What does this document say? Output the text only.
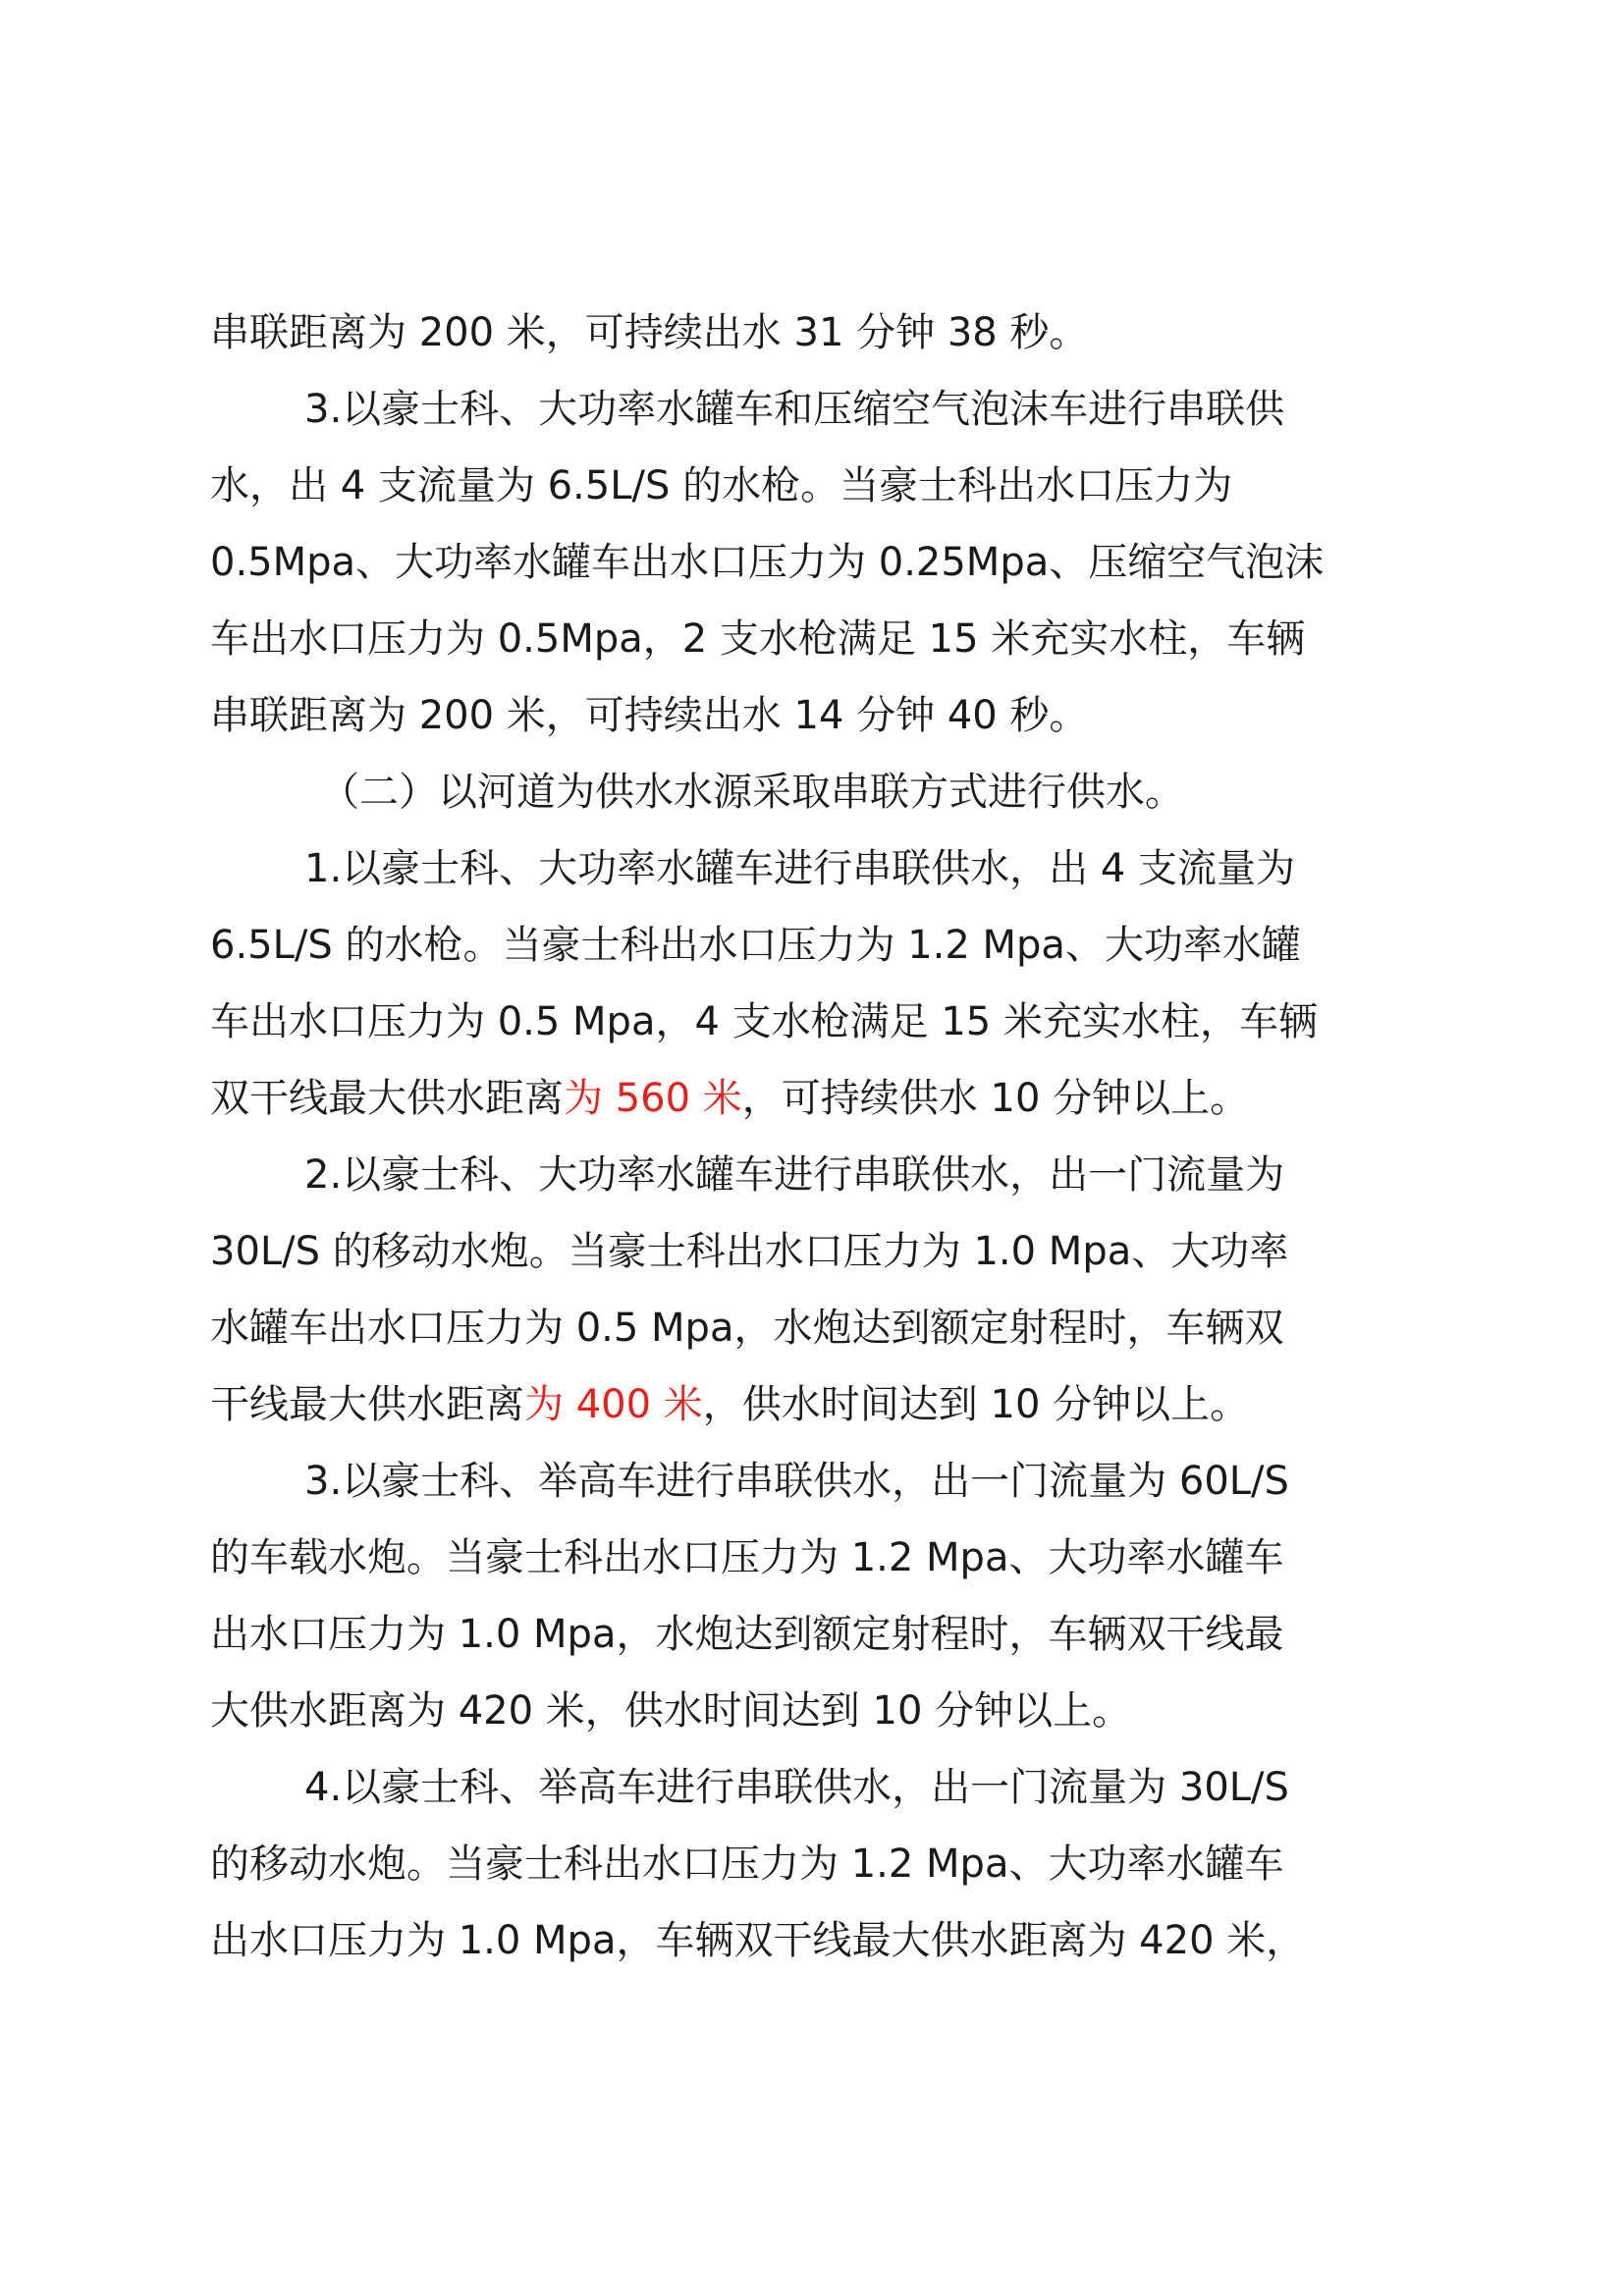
串联距离为 200 米，可持续出水 31 分钟 38 秒。
3.以豪士科、大功率水罐车和压缩空气泡沫车进行串联供
水，出 4 支流量为 6.5L/S 的水枪。当豪士科出水口压力为
0.5Mpa、大功率水罐车出水口压力为 0.25Mpa、压缩空气泡沫
车出水口压力为 0.5Mpa，2 支水枪满足 15 米充实水柱，车辆
串联距离为 200 米，可持续出水 14 分钟 40 秒。
（二）以河道为供水水源采取串联方式进行供水。
1.以豪士科、大功率水罐车进行串联供水，出 4 支流量为
6.5L/S 的水枪。当豪士科出水口压力为 1.2 Mpa、大功率水罐
车出水口压力为 0.5 Mpa，4 支水枪满足 15 米充实水柱，车辆
双干线最大供水距离为 560 米，可持续供水 10 分钟以上。
2.以豪士科、大功率水罐车进行串联供水，出一门流量为
30L/S 的移动水炮。当豪士科出水口压力为 1.0 Mpa、大功率
水罐车出水口压力为 0.5 Mpa，水炮达到额定射程时，车辆双
干线最大供水距离为 400 米，供水时间达到 10 分钟以上。
3.以豪士科、举高车进行串联供水，出一门流量为 60L/S
的车载水炮。当豪士科出水口压力为 1.2 Mpa、大功率水罐车
出水口压力为 1.0 Mpa，水炮达到额定射程时，车辆双干线最
大供水距离为 420 米，供水时间达到 10 分钟以上。
4.以豪士科、举高车进行串联供水，出一门流量为 30L/S
的移动水炮。当豪士科出水口压力为 1.2 Mpa、大功率水罐车
出水口压力为 1.0 Mpa，车辆双干线最大供水距离为 420 米，
